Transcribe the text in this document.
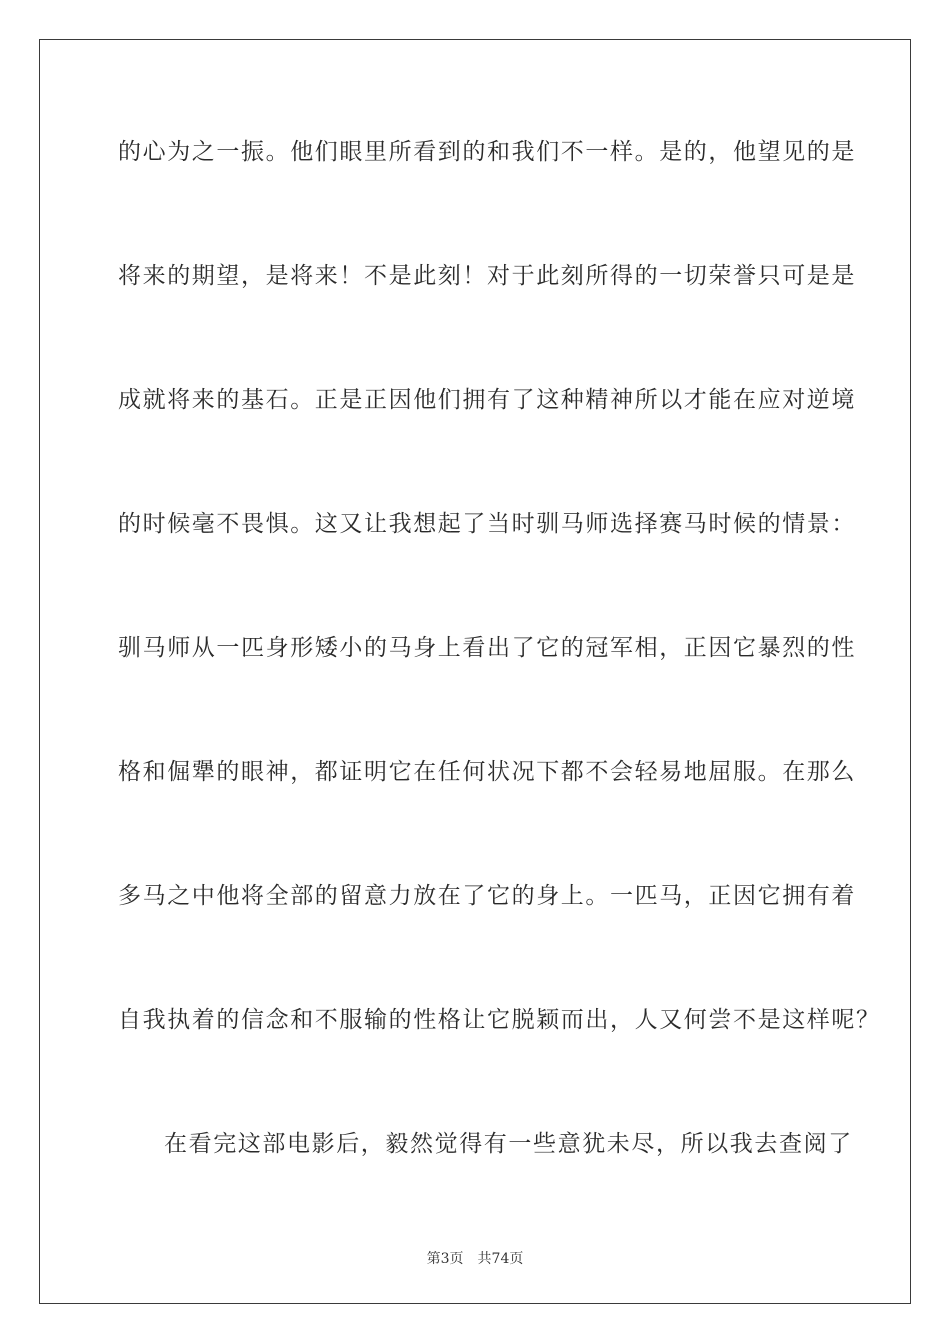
的心为之一振。他们眼里所看到的和我们不一样。是的，他望见的是
将来的期望，是将来！不是此刻！对于此刻所得的一切荣誉只可是是
成就将来的基石。正是正因他们拥有了这种精神所以才能在应对逆境
的时候毫不畏惧。这又让我想起了当时驯马师选择赛马时候的情景：
驯马师从一匹身形矮小的马身上看出了它的冠军相，正因它暴烈的性
格和倔犟的眼神，都证明它在任何状况下都不会轻易地屈服。在那么
多马之中他将全部的留意力放在了它的身上。一匹马，正因它拥有着
自我执着的信念和不服输的性格让它脱颖而出，人又何尝不是这样呢？
在看完这部电影后，毅然觉得有一些意犹未尽，所以我去查阅了
第3页 共74页
